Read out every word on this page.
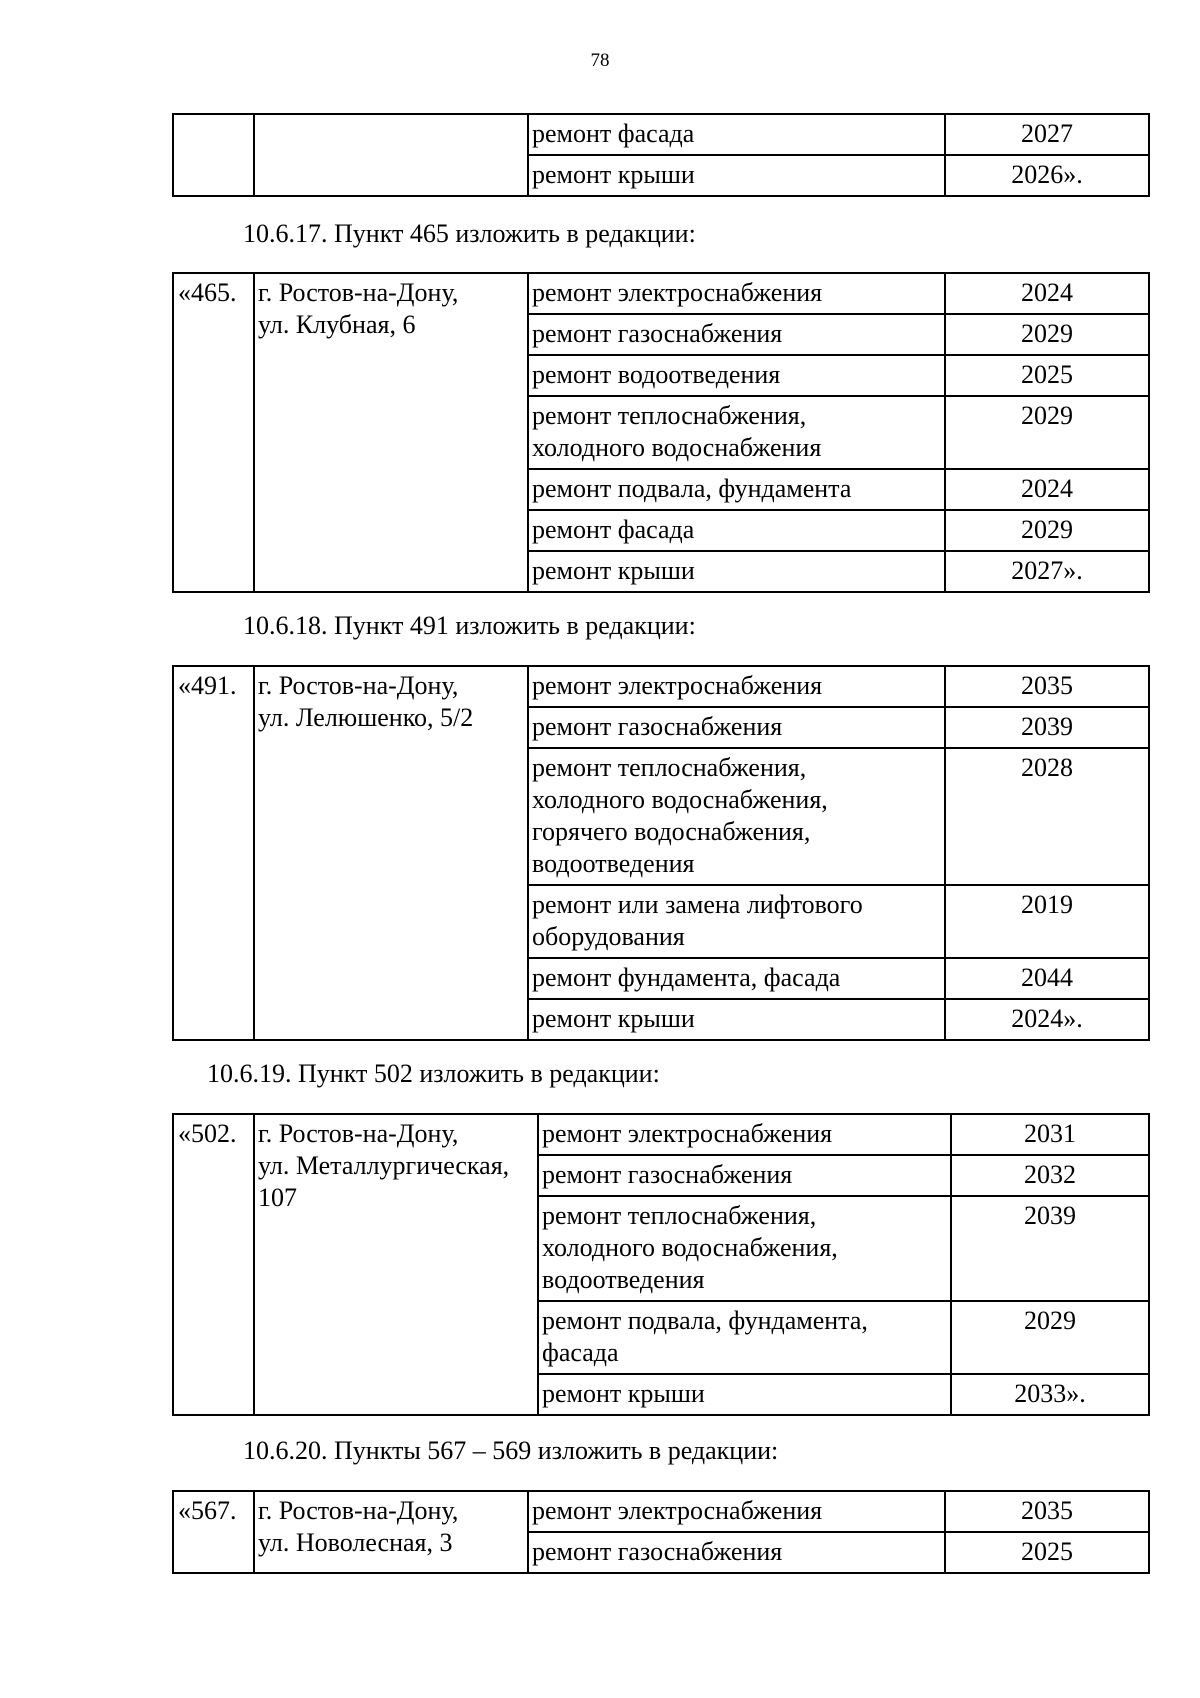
78
		ремонт фасада	2027
		ремонт крыши	2026».
10.6.17. Пункт 465 изложить в редакции:
«465.	г. Ростов-на-Дону,
ул. Клубная, 6	ремонт электроснабжения	2024
		ремонт газоснабжения	2029
		ремонт водоотведения	2025
		ремонт теплоснабжения,
холодного водоснабжения	2029
		ремонт подвала, фундамента	2024
		ремонт фасада	2029
		ремонт крыши	2027».
10.6.18. Пункт 491 изложить в редакции:
«491.	г. Ростов-на-Дону,
ул. Лелюшенко, 5/2	ремонт электроснабжения	2035
		ремонт газоснабжения	2039
		ремонт теплоснабжения,
холодного водоснабжения,
горячего водоснабжения,
водоотведения	2028
		ремонт или замена лифтового
оборудования	2019
		ремонт фундамента, фасада	2044
		ремонт крыши	2024».
10.6.19. Пункт 502 изложить в редакции:
«502.	г. Ростов-на-Дону,
ул. Металлургическая,
107	ремонт электроснабжения	2031
		ремонт газоснабжения	2032
		ремонт теплоснабжения,
холодного водоснабжения,
водоотведения	2039
		ремонт подвала, фундамента,
фасада	2029
		ремонт крыши	2033».
10.6.20. Пункты 567 – 569 изложить в редакции:
«567.	г. Ростов-на-Дону,
ул. Новолесная, 3	ремонт электроснабжения	2035
		ремонт газоснабжения	2025
